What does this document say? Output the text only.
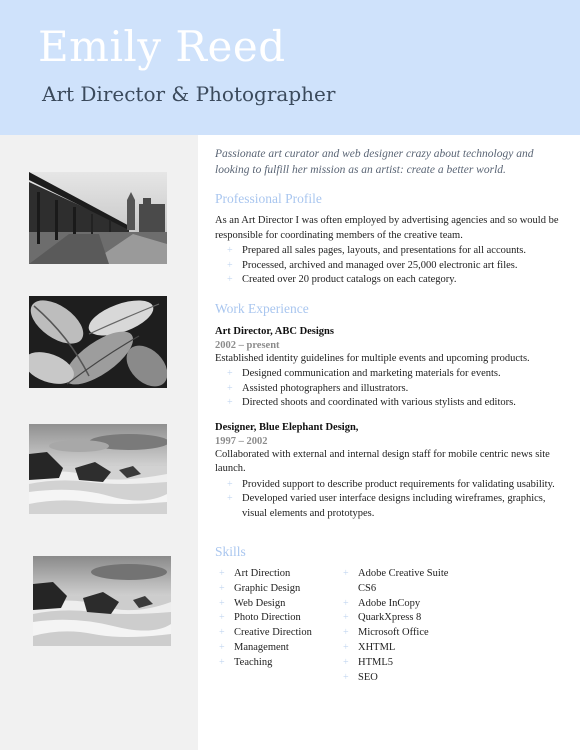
Emily Reed
Art Director & Photographer
Passionate art curator and web designer crazy about technology and looking to fulfill her mission as an artist: create a better world.
Professional Profile
As an Art Director I was often employed by advertising agencies and so would be responsible for coordinating members of the creative team.
+ Prepared all sales pages, layouts, and presentations for all accounts.
+ Processed, archived and managed over 25,000 electronic art files.
+ Created over 20 product catalogs on each category.
Work Experience
Art Director, ABC Designs
2002 – present
Established identity guidelines for multiple events and upcoming products.
+ Designed communication and marketing materials for events.
+ Assisted photographers and illustrators.
+ Directed shoots and coordinated with various stylists and editors.
Designer, Blue Elephant Design,
1997 – 2002
Collaborated with external and internal design staff for mobile centric news site launch.
+ Provided support to describe product requirements for validating usability.
+ Developed varied user interface designs including wireframes, graphics, visual elements and prototypes.
Skills
+ Art Direction
+ Graphic Design
+ Web Design
+ Photo Direction
+ Creative Direction
+ Management
+ Teaching
+ Adobe Creative Suite CS6
+ Adobe InCopy
+ QuarkXpress 8
+ Microsoft Office
+ XHTML
+ HTML5
+ SEO
